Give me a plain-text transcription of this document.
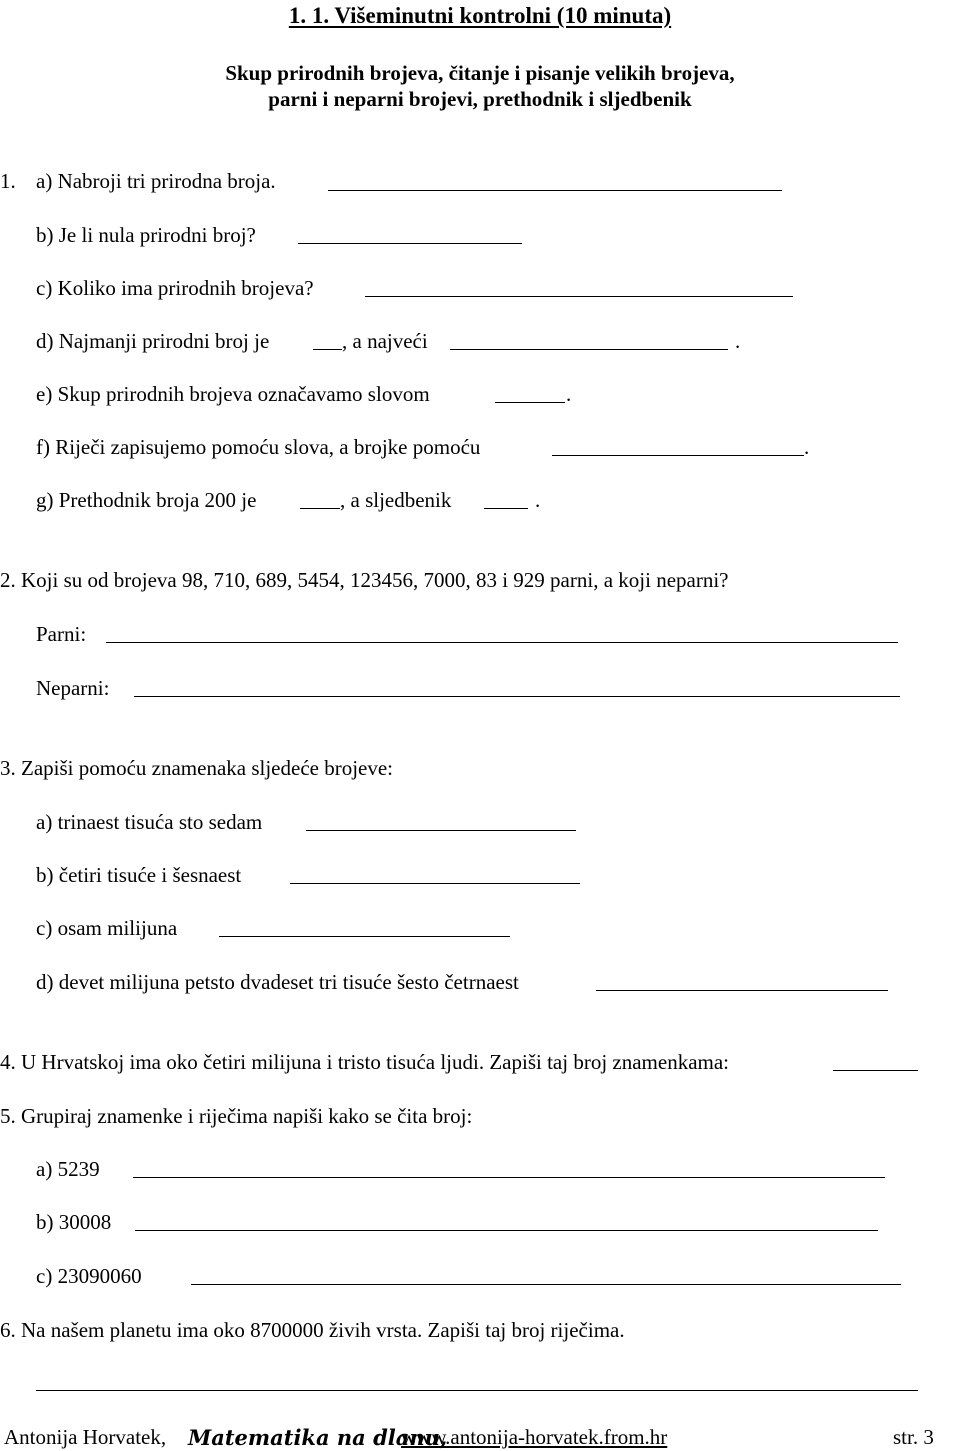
1. 1. Višeminutni kontrolni (10 minuta)
Skup prirodnih brojeva, čitanje i pisanje velikih brojeva,
parni i neparni brojevi, prethodnik i sljedbenik
1. a) Nabroji tri prirodna broja.
b) Je li nula prirodni broj?
c) Koliko ima prirodnih brojeva?
d) Najmanji prirodni broj je	, a najveći	.
e) Skup prirodnih brojeva označavamo slovom	.
f) Riječi zapisujemo pomoću slova, a brojke pomoću	.
g) Prethodnik broja 200 je	, a sljedbenik	.
2. Koji su od brojeva 98, 710, 689, 5454, 123456, 7000, 83 i 929 parni, a koji neparni?
Parni:
Neparni:
3. Zapiši pomoću znamenaka sljedeće brojeve:
a) trinaest tisuća sto sedam
b) četiri tisuće i šesnaest
c) osam milijuna
d) devet milijuna petsto dvadeset tri tisuće šesto četrnaest
4. U Hrvatskoj ima oko četiri milijuna i tristo tisuća ljudi. Zapiši taj broj znamenkama:
5. Grupiraj znamenke i riječima napiši kako se čita broj:
a) 5239
b) 30008
c) 23090060
6. Na našem planetu ima oko 8700000 živih vrsta. Zapiši taj broj riječima.
Antonija Horvatek, Matematika na dlanu,
www.antonija-horvatek.from.hr	str. 3
